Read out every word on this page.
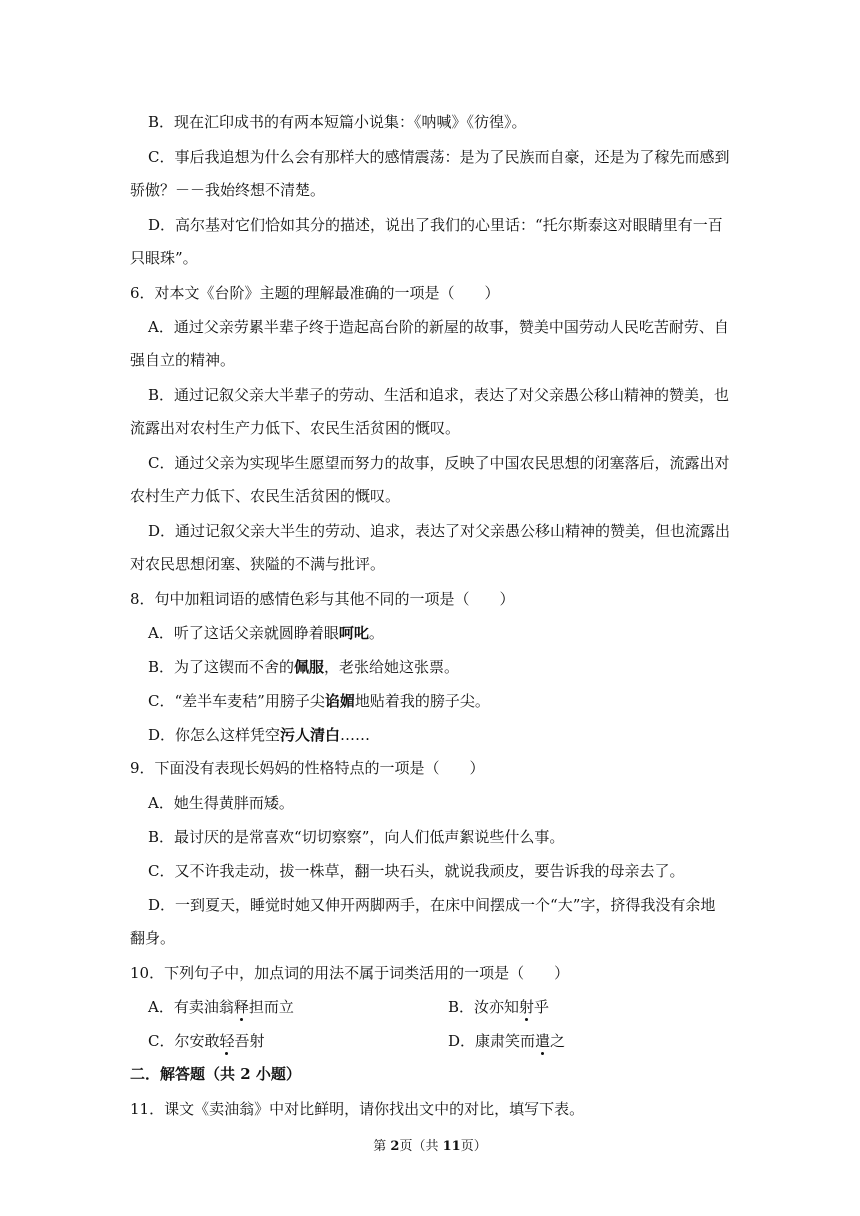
B．现在汇印成书的有两本短篇小说集：《呐喊》《彷徨》。
C．事后我追想为什么会有那样大的感情震荡：是为了民族而自豪，还是为了稼先而感到
骄傲？－－我始终想不清楚。
D．高尔基对它们恰如其分的描述，说出了我们的心里话：“托尔斯泰这对眼睛里有一百
只眼珠”。
6．对本文《台阶》主题的理解最准确的一项是（　　）
A．通过父亲劳累半辈子终于造起高台阶的新屋的故事，赞美中国劳动人民吃苦耐劳、自
强自立的精神。
B．通过记叙父亲大半辈子的劳动、生活和追求，表达了对父亲愚公移山精神的赞美，也
流露出对农村生产力低下、农民生活贫困的慨叹。
C．通过父亲为实现毕生愿望而努力的故事，反映了中国农民思想的闭塞落后，流露出对
农村生产力低下、农民生活贫困的慨叹。
D．通过记叙父亲大半生的劳动、追求，表达了对父亲愚公移山精神的赞美，但也流露出
对农民思想闭塞、狭隘的不满与批评。
8．句中加粗词语的感情色彩与其他不同的一项是（　　）
A．听了这话父亲就圆睁着眼呵叱。
B．为了这锲而不舍的佩服，老张给她这张票。
C．“差半车麦秸”用膀子尖谄媚地贴着我的膀子尖。
D．你怎么这样凭空污人清白……
9．下面没有表现长妈妈的性格特点的一项是（　　）
A．她生得黄胖而矮。
B．最讨厌的是常喜欢“切切察察”，向人们低声絮说些什么事。
C．又不许我走动，拔一株草，翻一块石头，就说我顽皮，要告诉我的母亲去了。
D．一到夏天，睡觉时她又伸开两脚两手，在床中间摆成一个“大”字，挤得我没有余地
翻身。
10．下列句子中，加点词的用法不属于词类活用的一项是（　　）
A．有卖油翁释担而立	B．汝亦知射乎
C．尔安敢轻吾射	D．康肃笑而遣之
二．解答题（共 2 小题）
11．课文《卖油翁》中对比鲜明，请你找出文中的对比，填写下表。
第 2页（共 11页）
